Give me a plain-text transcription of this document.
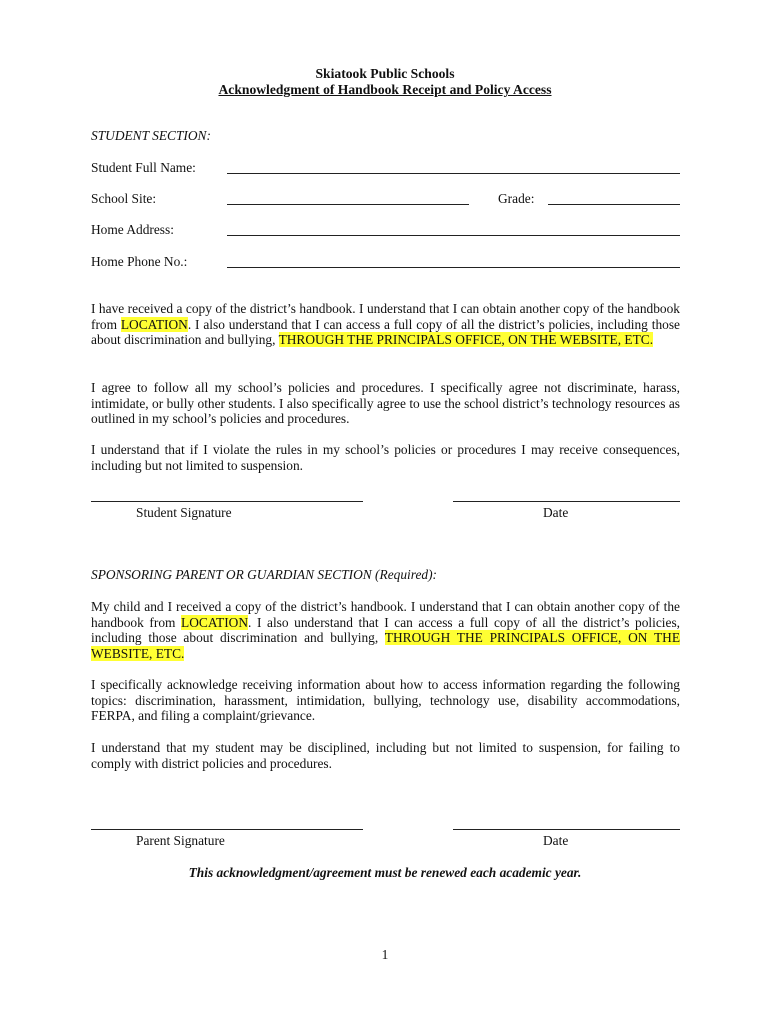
Skiatook Public Schools
Acknowledgment of Handbook Receipt and Policy Access
STUDENT SECTION:
Student Full Name:
School Site:	Grade:
Home Address:
Home Phone No.:
I have received a copy of the district’s handbook. I understand that I can obtain another copy of the handbook from LOCATION. I also understand that I can access a full copy of all the district’s policies, including those about discrimination and bullying, THROUGH THE PRINCIPALS OFFICE, ON THE WEBSITE, ETC.
I agree to follow all my school’s policies and procedures. I specifically agree not discriminate, harass, intimidate, or bully other students. I also specifically agree to use the school district’s technology resources as outlined in my school’s policies and procedures.
I understand that if I violate the rules in my school’s policies or procedures I may receive consequences, including but not limited to suspension.
Student Signature	Date
SPONSORING PARENT OR GUARDIAN SECTION (Required):
My child and I received a copy of the district’s handbook. I understand that I can obtain another copy of the handbook from LOCATION. I also understand that I can access a full copy of all the district’s policies, including those about discrimination and bullying, THROUGH THE PRINCIPALS OFFICE, ON THE WEBSITE, ETC.
I specifically acknowledge receiving information about how to access information regarding the following topics: discrimination, harassment, intimidation, bullying, technology use, disability accommodations, FERPA, and filing a complaint/grievance.
I understand that my student may be disciplined, including but not limited to suspension, for failing to comply with district policies and procedures.
Parent Signature	Date
This acknowledgment/agreement must be renewed each academic year.
1
